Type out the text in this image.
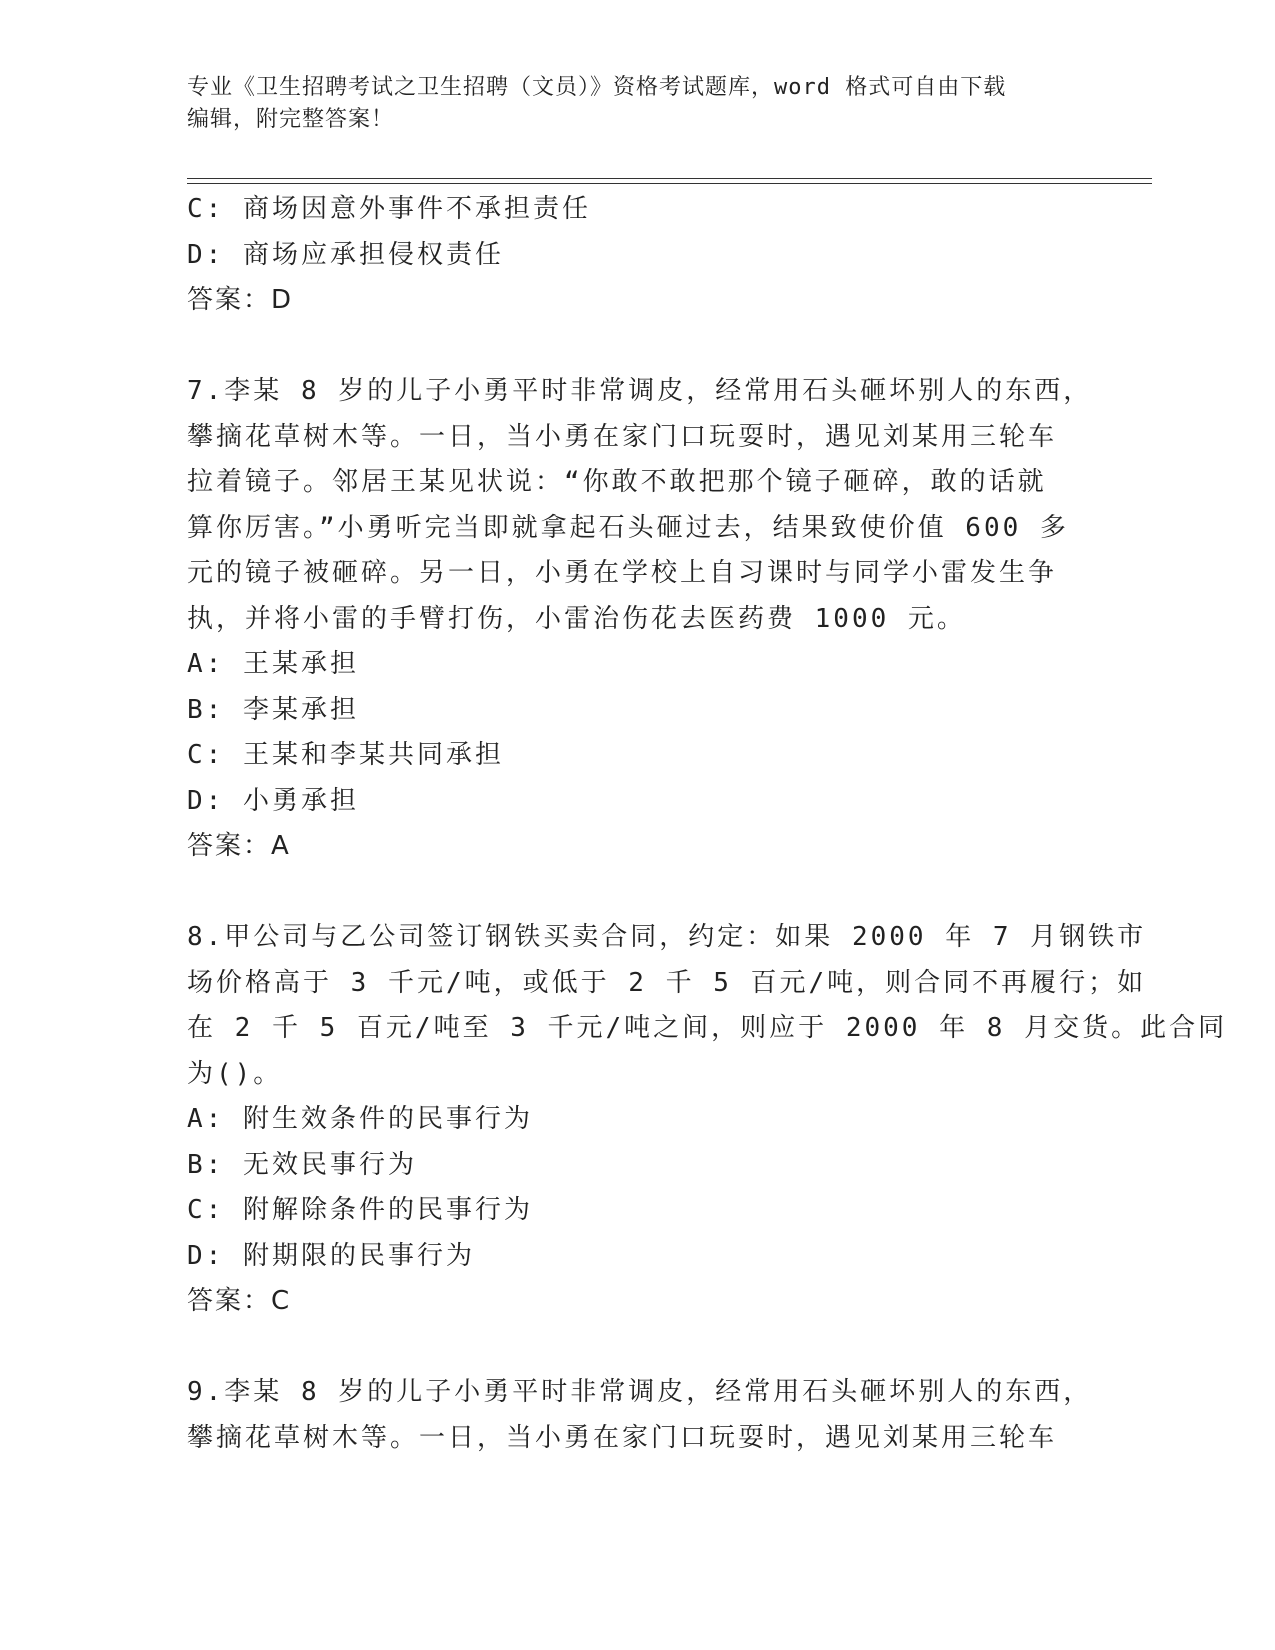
专业《卫生招聘考试之卫生招聘（文员）》资格考试题库，word 格式可自由下载
编辑，附完整答案！
C: 商场因意外事件不承担责任
D: 商场应承担侵权责任
答案：D
7.李某 8 岁的儿子小勇平时非常调皮，经常用石头砸坏别人的东西，
攀摘花草树木等。一日，当小勇在家门口玩耍时，遇见刘某用三轮车
拉着镜子。邻居王某见状说：“你敢不敢把那个镜子砸碎，敢的话就
算你厉害。”小勇听完当即就拿起石头砸过去，结果致使价值 600 多
元的镜子被砸碎。另一日，小勇在学校上自习课时与同学小雷发生争
执，并将小雷的手臂打伤，小雷治伤花去医药费 1000 元。
A: 王某承担
B: 李某承担
C: 王某和李某共同承担
D: 小勇承担
答案：A
8.甲公司与乙公司签订钢铁买卖合同，约定：如果 2000 年 7 月钢铁市
场价格高于 3 千元/吨，或低于 2 千 5 百元/吨，则合同不再履行；如
在 2 千 5 百元/吨至 3 千元/吨之间，则应于 2000 年 8 月交货。此合同
为()。
A: 附生效条件的民事行为
B: 无效民事行为
C: 附解除条件的民事行为
D: 附期限的民事行为
答案：C
9.李某 8 岁的儿子小勇平时非常调皮，经常用石头砸坏别人的东西，
攀摘花草树木等。一日，当小勇在家门口玩耍时，遇见刘某用三轮车
